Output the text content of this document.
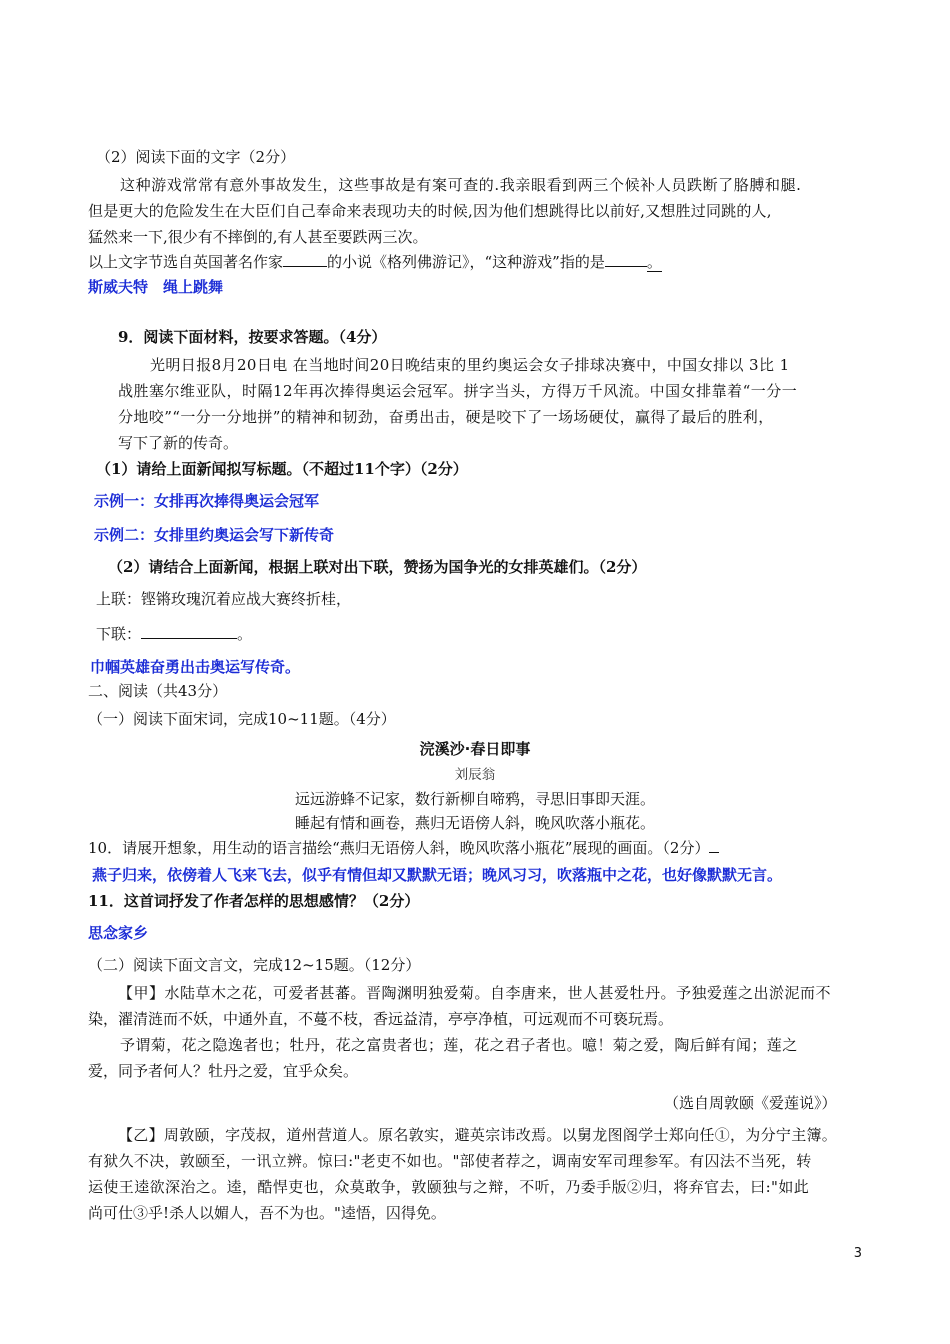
（2）阅读下面的文字（2分）
这种游戏常常有意外事故发生，这些事故是有案可查的.我亲眼看到两三个候补人员跌断了胳膊和腿.
但是更大的危险发生在大臣们自己奉命来表现功夫的时候,因为他们想跳得比以前好,又想胜过同跳的人,
猛然来一下,很少有不摔倒的,有人甚至要跌两三次。
以上文字节选自英国著名作家	的小说《格列佛游记》，“这种游戏”指的是	。
斯威夫特　绳上跳舞
9．阅读下面材料，按要求答题。（4分）
光明日报8月20日电 在当地时间20日晚结束的里约奥运会女子排球决赛中，中国女排以 3比 1
战胜塞尔维亚队，时隔12年再次捧得奥运会冠军。拼字当头，方得万千风流。中国女排靠着“一分一
分地咬”“一分一分地拼”的精神和韧劲，奋勇出击，硬是咬下了一场场硬仗，赢得了最后的胜利，
写下了新的传奇。
（1）请给上面新闻拟写标题。（不超过11个字）（2分）
示例一：女排再次捧得奥运会冠军
示例二：女排里约奥运会写下新传奇
（2）请结合上面新闻，根据上联对出下联，赞扬为国争光的女排英雄们。（2分）
上联：铿锵玫瑰沉着应战大赛终折桂，
下联：	。
巾帼英雄奋勇出击奥运写传奇。
二、阅读（共43分）
（一）阅读下面宋词，完成10~11题。（4分）
浣溪沙·春日即事
刘辰翁
远远游蜂不记家，数行新柳自啼鸦，寻思旧事即天涯。
睡起有情和画卷，燕归无语傍人斜，晚风吹落小瓶花。
10．请展开想象，用生动的语言描绘“燕归无语傍人斜，晚风吹落小瓶花”展现的画面。（2分）
燕子归来，依傍着人飞来飞去，似乎有情但却又默默无语；晚风习习，吹落瓶中之花，也好像默默无言。
11．这首词抒发了作者怎样的思想感情？（2分）
思念家乡
（二）阅读下面文言文，完成12~15题。（12分）
【甲】水陆草木之花，可爱者甚蕃。晋陶渊明独爱菊。自李唐来，世人甚爱牡丹。予独爱莲之出淤泥而不
染，濯清涟而不妖，中通外直，不蔓不枝，香远益清，亭亭净植，可远观而不可亵玩焉。
予谓菊，花之隐逸者也；牡丹，花之富贵者也；莲，花之君子者也。噫！菊之爱，陶后鲜有闻；莲之
爱，同予者何人？牡丹之爱，宜乎众矣。
（选自周敦颐《爱莲说》）
【乙】周敦颐，字茂叔，道州营道人。原名敦实，避英宗讳改焉。以舅龙图阁学士郑向任①，为分宁主簿。
有狱久不决，敦颐至，一讯立辨。惊曰:"老吏不如也。"部使者荐之，调南安军司理参军。有囚法不当死，转
运使王逵欲深治之。逵，酷悍吏也，众莫敢争，敦颐独与之辩，不听，乃委手版②归，将弃官去，曰:"如此
尚可仕③乎!杀人以媚人，吾不为也。"逵悟，囚得免。
3
